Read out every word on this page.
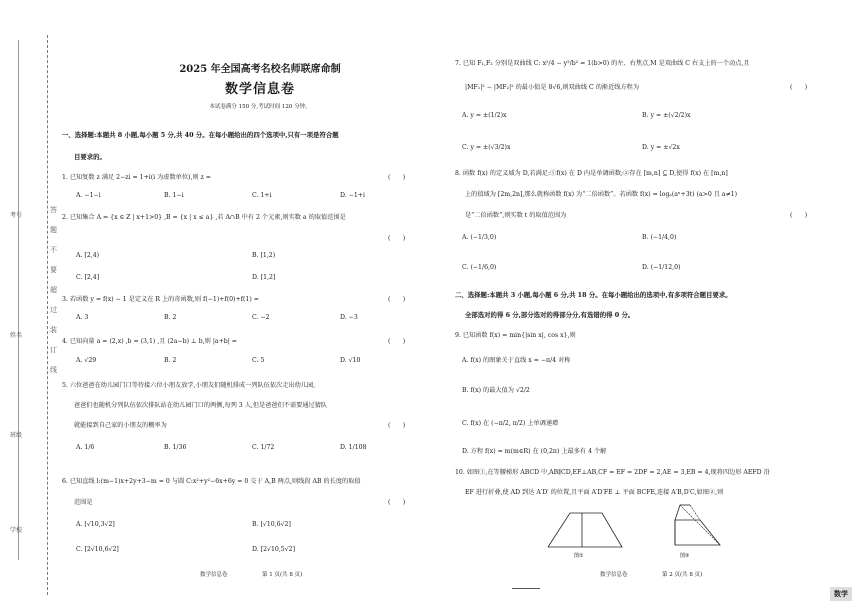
考号
姓名
班级
学校
答
题
不
要
超
过
装
订
线
2025 年全国高考名校名师联席命制
数学信息卷
本试卷满分 150 分,考试时间 120 分钟。
一、选择题:本题共 8 小题,每小题 5 分,共 40 分。在每小题给出的四个选项中,只有一项是符合题
目要求的。
1. 已知复数 z 满足 2−zi = 1+i(i 为虚数单位),则 z =	(　　)
A. −1−i	B. 1−i	C. 1+i	D. −1+i
2. 已知集合 A = {x ∈ Z | x+1>0} ,B = {x | x ≤ a} ,若 A∩B 中有 2 个元素,则实数 a 的取值范围是
(　　)
A. [2,4)	B. [1,2)
C. [2,4]	D. [1,2]
3. 若函数 y = f(x) − 1 是定义在 R 上的奇函数,则 f(−1)+f(0)+f(1) =	(　　)
A. 3	B. 2	C. −2	D. −3
4. 已知向量 a = (2,x) ,b = (3,1) ,且 (2a−b) ⊥ b,则 |a+b| =	(　　)
A. √29	B. 2	C. 5	D. √10
5. 六位爸爸在幼儿园门口等待接六位小朋友放学,小朋友们随机排成一列队伍依次走出幼儿园,
爸爸们也随机分列队伍依次排队站在幼儿园门口的两侧,每列 3 人,但是爸爸们不需要通过猜队
就能接到自己家的小朋友的概率为	(　　)
A. 1/6	B. 1/36	C. 1/72	D. 1/108
6. 已知直线 l:(m−1)x+2y+3−m = 0 与圆 C:x²+y²−6x+6y = 0 交于 A,B 两点,则线段 AB 的长度的取值
范围是	(　　)
A. [√10,3√2]	B. [√10,6√2]
C. [2√10,6√2]	D. [2√10,5√2]
数学信息卷	第 1 页(共 8 页)
7. 已知 F₁,F₂ 分别是双曲线 C: x²/4 − y²/b² = 1(b>0) 的左、右焦点,M 是双曲线 C 右支上的一个动点,且
|MF₁|² − |MF₂|² 的最小值是 8√6,则双曲线 C 的渐近线方程为	(　　)
A. y = ±(1/2)x	B. y = ±(√2/2)x
C. y = ±(√3/2)x	D. y = ±√2x
8. 函数 f(x) 的定义域为 D,若满足:①f(x) 在 D 内是单调函数;②存在 [m,n] ⊆ D,使得 f(x) 在 [m,n]
上的值域为 [2m,2n],那么就称函数 f(x) 为“二倍函数”。若函数 f(x) = logₐ(aˣ+3t) (a>0 且 a≠1)
是“二倍函数”,则实数 t 的取值范围为	(　　)
A. (−1/3,0)	B. (−1/4,0)
C. (−1/6,0)	D. (−1/12,0)
二、选择题:本题共 3 小题,每小题 6 分,共 18 分。在每小题给出的选项中,有多项符合题目要求。
全部选对的得 6 分,部分选对的得部分分,有选错的得 0 分。
9. 已知函数 f(x) = min{|sin x|, cos x},则
A. f(x) 的图象关于直线 x = −π/4 对称
B. f(x) 的最大值为 √2/2
C. f(x) 在 (−π/2, π/2) 上单调递增
D. 方程 f(x) = m(m∈R) 在 (0,2π) 上最多有 4 个解
10. 如图①,在等腰梯形 ABCD 中,AB∥CD,EF⊥AB,CF = EF = 2DF = 2,AE = 3,EB = 4,现将四边形 AEFD 沿
EF 进行折叠,使 AD 到达 A′D′ 的位置,且平面 A′D′FE ⊥ 平面 BCFE,连接 A′B,D′C,如图②,则
图①	图②
数学信息卷	第 2 页(共 8 页)
数学
